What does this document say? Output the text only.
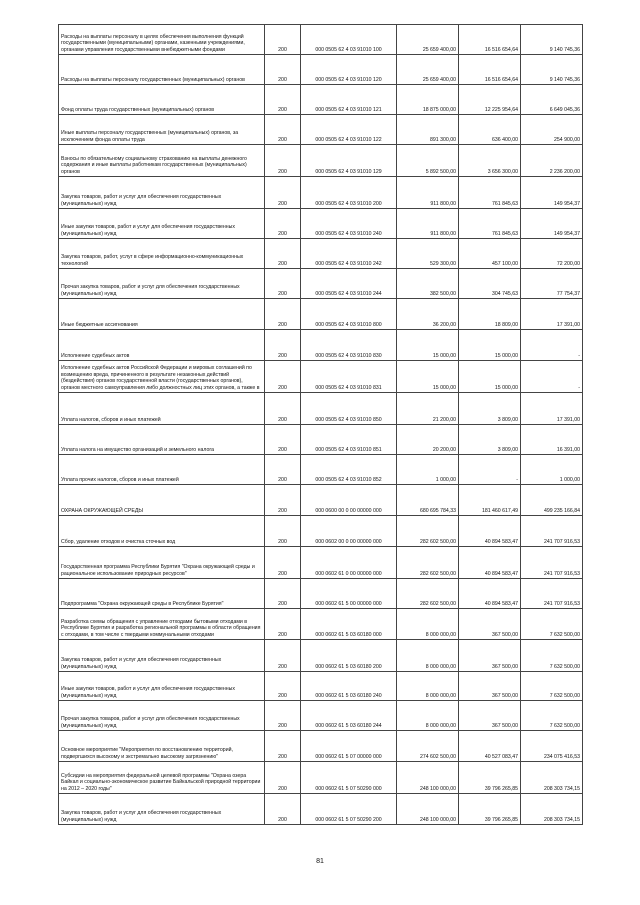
Расходы на выплаты персоналу в целях обеспечения выполнения функций государственными (муниципальными) органами, казенными учреждениями, органами управления государственными внебюджетными фондами	200	000 0505 62 4 03 91010 100	25 659 400,00	16 516 654,64	9 140 745,36
Расходы на выплаты персоналу государственных (муниципальных) органов	200	000 0505 62 4 03 91010 120	25 659 400,00	16 516 654,64	9 140 745,36
Фонд оплаты труда государственных (муниципальных) органов	200	000 0505 62 4 03 91010 121	18 875 000,00	12 225 954,64	6 649 045,36
Иные выплаты персоналу государственных (муниципальных) органов, за исключением фонда оплаты труда	200	000 0505 62 4 03 91010 122	891 300,00	636 400,00	254 900,00
Взносы по обязательному социальному страхованию на выплаты денежного содержания и иные выплаты работникам государственных (муниципальных) органов	200	000 0505 62 4 03 91010 129	5 892 500,00	3 656 300,00	2 236 200,00
Закупка товаров, работ и услуг для обеспечения государственных (муниципальных) нужд	200	000 0505 62 4 03 91010 200	911 800,00	761 845,63	149 954,37
Иные закупки товаров, работ и услуг для обеспечения государственных (муниципальных) нужд	200	000 0505 62 4 03 91010 240	911 800,00	761 845,63	149 954,37
Закупка товаров, работ, услуг в сфере информационно-коммуникационных технологий	200	000 0505 62 4 03 91010 242	529 300,00	457 100,00	72 200,00
Прочая закупка товаров, работ и услуг для обеспечения государственных (муниципальных) нужд	200	000 0505 62 4 03 91010 244	382 500,00	304 745,63	77 754,37
Иные бюджетные ассигнования	200	000 0505 62 4 03 91010 800	36 200,00	18 809,00	17 391,00
Исполнение судебных актов	200	000 0505 62 4 03 91010 830	15 000,00	15 000,00	-
Исполнение судебных актов Российской Федерации и мировых соглашений по возмещению вреда, причиненного в результате незаконных действий (бездействия) органов государственной власти (государственных органов), органов местного самоуправления либо должностных лиц этих органов, а также в	200	000 0505 62 4 03 91010 831	15 000,00	15 000,00	-
Уплата налогов, сборов и иных платежей	200	000 0505 62 4 03 91010 850	21 200,00	3 809,00	17 391,00
Уплата налога на имущество организаций и земельного налога	200	000 0505 62 4 03 91010 851	20 200,00	3 809,00	16 391,00
Уплата прочих налогов, сборов и иных платежей	200	000 0505 62 4 03 91010 852	1 000,00	-	1 000,00
ОХРАНА ОКРУЖАЮЩЕЙ СРЕДЫ	200	000 0600 00 0 00 00000 000	680 695 784,33	181 460 617,49	499 235 166,84
Сбор, удаление отходов и очистка сточных вод	200	000 0602 00 0 00 00000 000	282 602 500,00	40 894 583,47	241 707 916,53
Государственная программа Республики Бурятия "Охрана окружающей среды и рациональное использование природных ресурсов"	200	000 0602 61 0 00 00000 000	282 602 500,00	40 894 583,47	241 707 916,53
Подпрограмма "Охрана окружающей среды в Республике Бурятия"	200	000 0602 61 5 00 00000 000	282 602 500,00	40 894 583,47	241 707 916,53
Разработка схемы обращения с управление отходами бытовыми отходами в Республике Бурятия и разработка региональной программы в области обращения с отходами, в том числе с твердыми коммунальными отходами	200	000 0602 61 5 03 60180 000	8 000 000,00	367 500,00	7 632 500,00
Закупка товаров, работ и услуг для обеспечения государственных (муниципальных) нужд	200	000 0602 61 5 03 60180 200	8 000 000,00	367 500,00	7 632 500,00
Иные закупки товаров, работ и услуг для обеспечения государственных (муниципальных) нужд	200	000 0602 61 5 03 60180 240	8 000 000,00	367 500,00	7 632 500,00
Прочая закупка товаров, работ и услуг для обеспечения государственных (муниципальных) нужд	200	000 0602 61 5 03 60180 244	8 000 000,00	367 500,00	7 632 500,00
Основное мероприятие "Мероприятия по восстановлению территорий, подвергшихся высокому и экстремально высокому загрязнению"	200	000 0602 61 5 07 00000 000	274 602 500,00	40 527 083,47	234 075 416,53
Субсидии на мероприятия федеральной целевой программы "Охрана озера Байкал и социально-экономическое развитие Байкальской природной территории на 2012 – 2020 годы"	200	000 0602 61 5 07 50290 000	248 100 000,00	39 796 265,85	208 303 734,15
Закупка товаров, работ и услуг для обеспечения государственных (муниципальных) нужд	200	000 0602 61 5 07 50290 200	248 100 000,00	39 796 265,85	208 303 734,15
81
